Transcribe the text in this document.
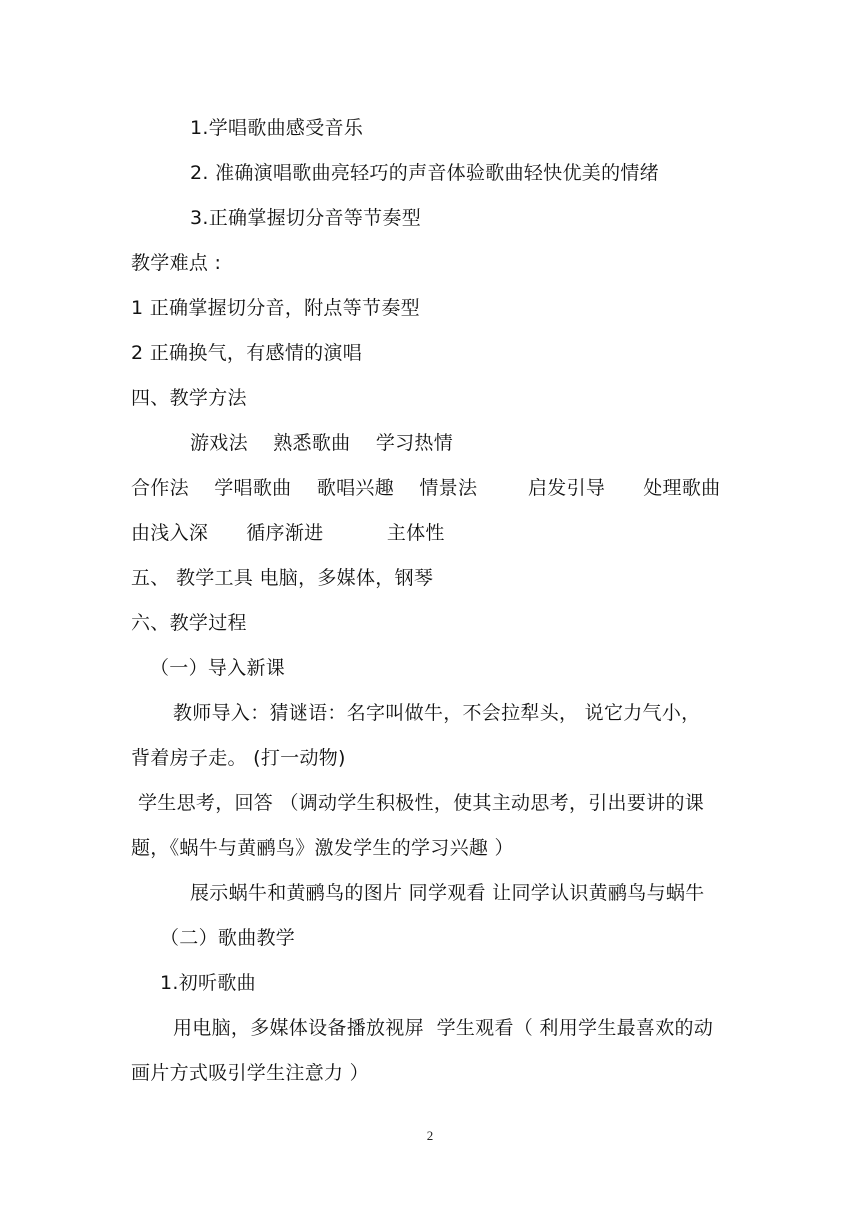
1.学唱歌曲感受音乐
2. 准确演唱歌曲亮轻巧的声音体验歌曲轻快优美的情绪
3.正确掌握切分音等节奏型
教学难点 :
1 正确掌握切分音，附点等节奏型
2 正确换气，有感情的演唱
四、教学方法
游戏法    熟悉歌曲    学习热情
合作法    学唱歌曲    歌唱兴趣    情景法        启发引导      处理歌曲
由浅入深      循序渐进          主体性
五、 教学工具 电脑，多媒体，钢琴
六、教学过程
（一）导入新课
教师导入：猜谜语：名字叫做牛，不会拉犁头， 说它力气小，
背着房子走。 (打一动物)
学生思考，回答 （调动学生积极性，使其主动思考，引出要讲的课
题，《蜗牛与黄鹂鸟》激发学生的学习兴趣 ）
展示蜗牛和黄鹂鸟的图片 同学观看 让同学认识黄鹂鸟与蜗牛
（二）歌曲教学
1.初听歌曲
用电脑，多媒体设备播放视屏  学生观看（ 利用学生最喜欢的动
画片方式吸引学生注意力 ）
2
